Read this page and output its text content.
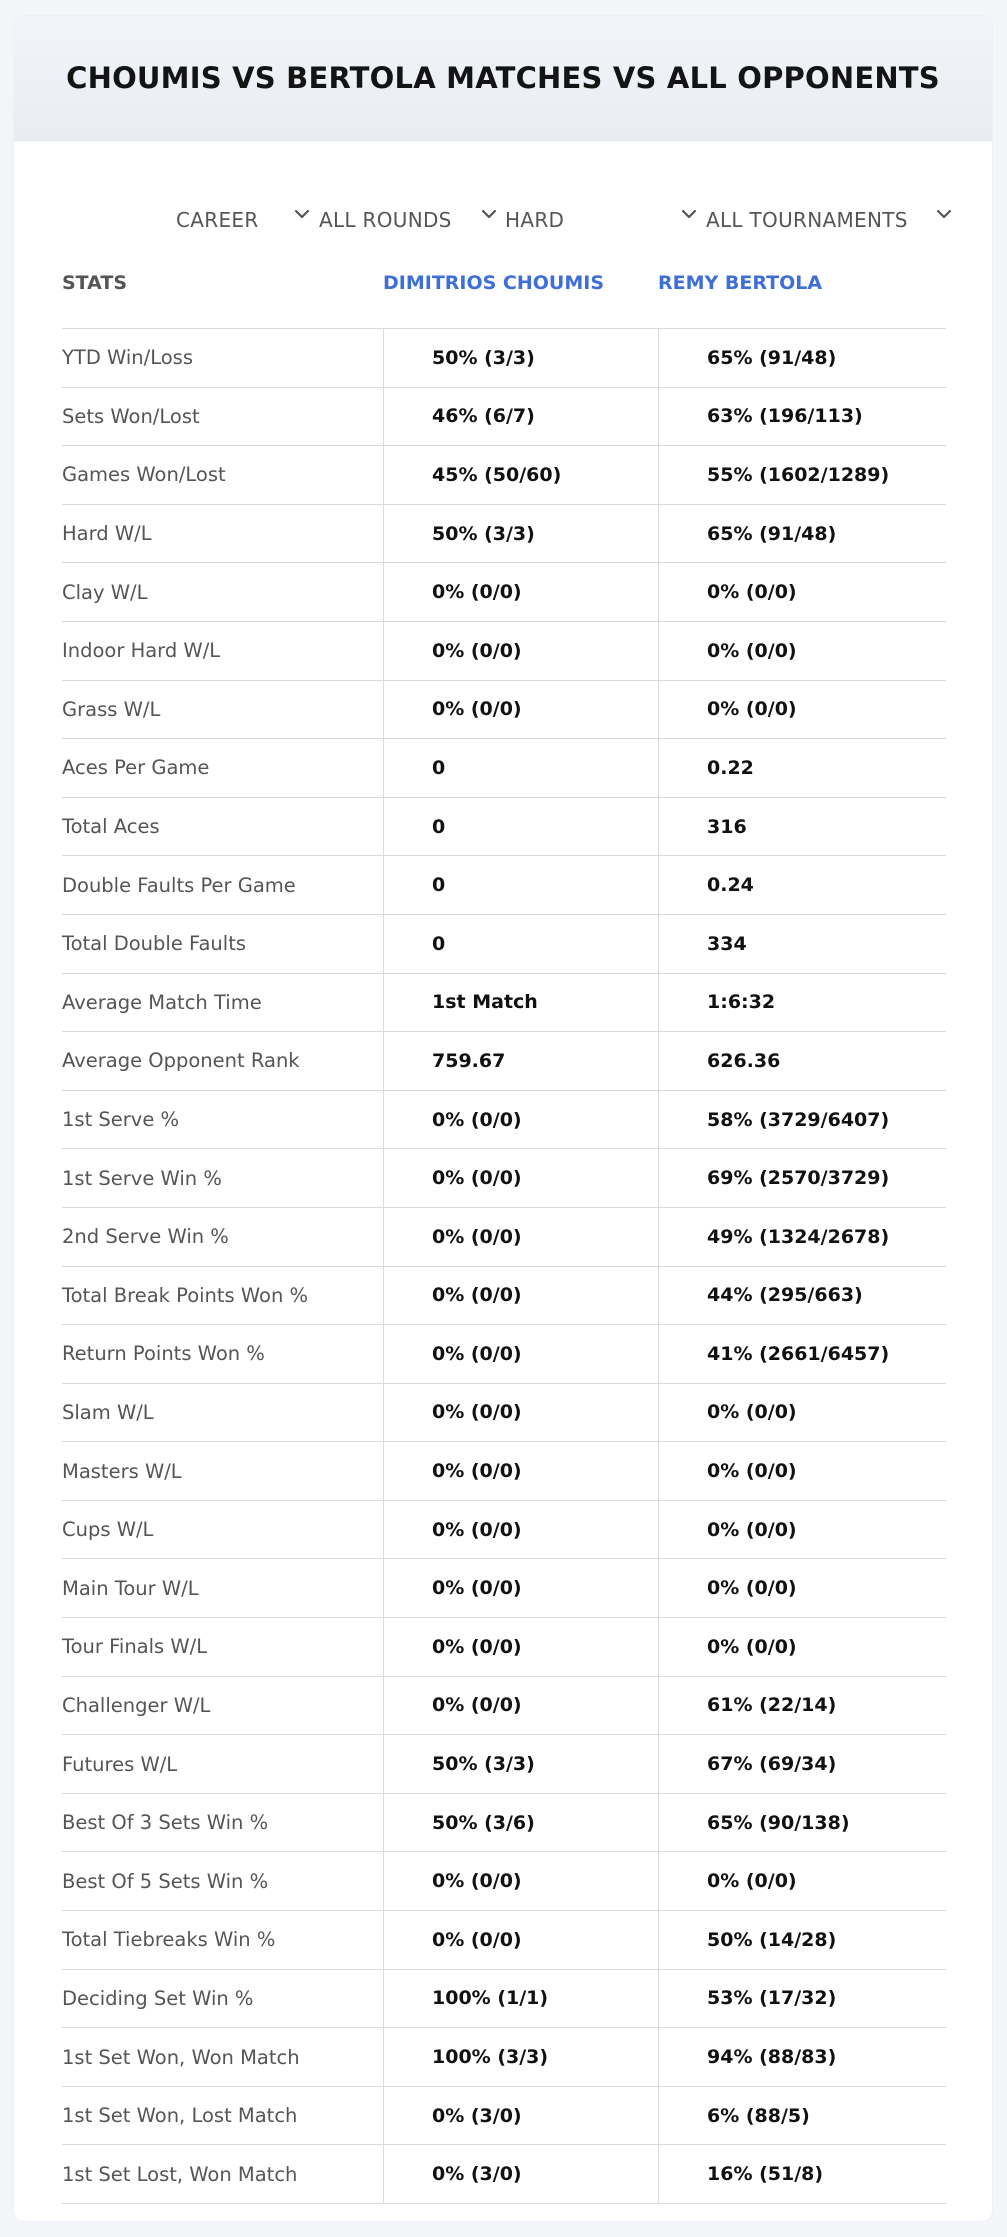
CHOUMIS VS BERTOLA MATCHES VS ALL OPPONENTS
CAREER	ALL ROUNDS	HARD	ALL TOURNAMENTS
STATS	DIMITRIOS CHOUMIS	REMY BERTOLA
YTD Win/Loss	50% (3/3)	65% (91/48)
Sets Won/Lost	46% (6/7)	63% (196/113)
Games Won/Lost	45% (50/60)	55% (1602/1289)
Hard W/L	50% (3/3)	65% (91/48)
Clay W/L	0% (0/0)	0% (0/0)
Indoor Hard W/L	0% (0/0)	0% (0/0)
Grass W/L	0% (0/0)	0% (0/0)
Aces Per Game	0	0.22
Total Aces	0	316
Double Faults Per Game	0	0.24
Total Double Faults	0	334
Average Match Time	1st Match	1:6:32
Average Opponent Rank	759.67	626.36
1st Serve %	0% (0/0)	58% (3729/6407)
1st Serve Win %	0% (0/0)	69% (2570/3729)
2nd Serve Win %	0% (0/0)	49% (1324/2678)
Total Break Points Won %	0% (0/0)	44% (295/663)
Return Points Won %	0% (0/0)	41% (2661/6457)
Slam W/L	0% (0/0)	0% (0/0)
Masters W/L	0% (0/0)	0% (0/0)
Cups W/L	0% (0/0)	0% (0/0)
Main Tour W/L	0% (0/0)	0% (0/0)
Tour Finals W/L	0% (0/0)	0% (0/0)
Challenger W/L	0% (0/0)	61% (22/14)
Futures W/L	50% (3/3)	67% (69/34)
Best Of 3 Sets Win %	50% (3/6)	65% (90/138)
Best Of 5 Sets Win %	0% (0/0)	0% (0/0)
Total Tiebreaks Win %	0% (0/0)	50% (14/28)
Deciding Set Win %	100% (1/1)	53% (17/32)
1st Set Won, Won Match	100% (3/3)	94% (88/83)
1st Set Won, Lost Match	0% (3/0)	6% (88/5)
1st Set Lost, Won Match	0% (3/0)	16% (51/8)
